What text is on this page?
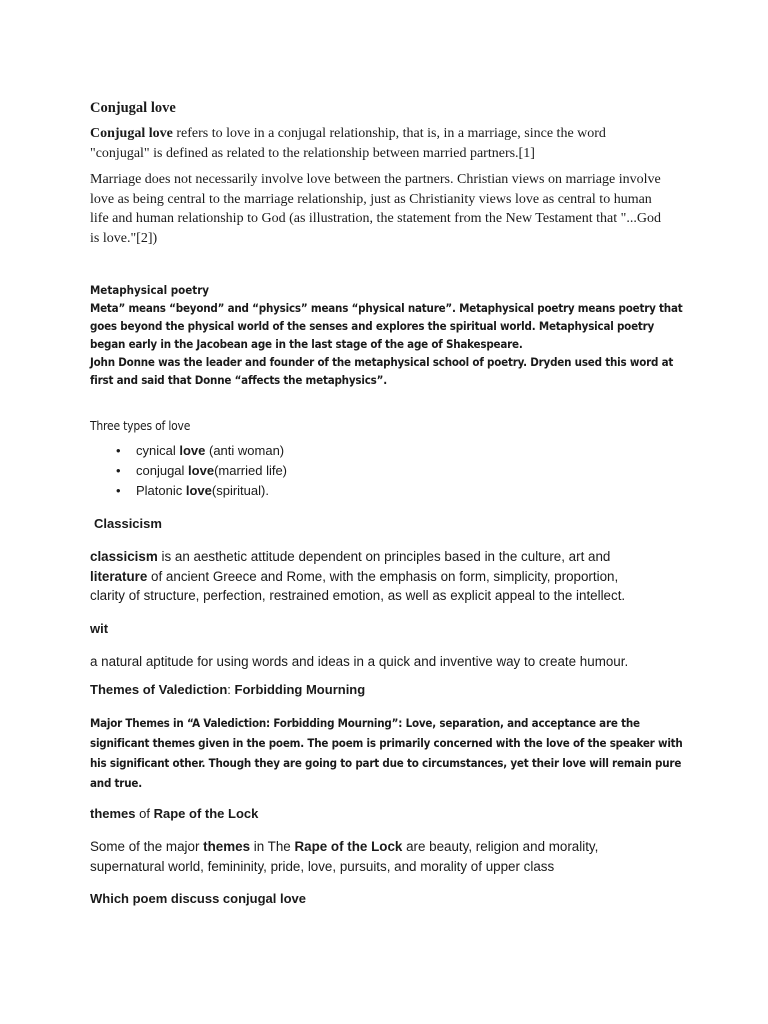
Conjugal love

Conjugal love refers to love in a conjugal relationship, that is, in a marriage, since the word "conjugal" is defined as related to the relationship between married partners.[1]

Marriage does not necessarily involve love between the partners. Christian views on marriage involve love as being central to the marriage relationship, just as Christianity views love as central to human life and human relationship to God (as illustration, the statement from the New Testament that "...God is love."[2])

Metaphysical poetry

Meta” means “beyond” and “physics” means “physical nature”. Metaphysical poetry means poetry that goes beyond the physical world of the senses and explores the spiritual world. Metaphysical poetry began early in the Jacobean age in the last stage of the age of Shakespeare.

John Donne was the leader and founder of the metaphysical school of poetry. Dryden used this word at first and said that Donne “affects the metaphysics”.

Three types of love

• cynical love (anti woman)
• conjugal love(married life)
• Platonic love(spiritual).

Classicism

classicism is an aesthetic attitude dependent on principles based in the culture, art and literature of ancient Greece and Rome, with the emphasis on form, simplicity, proportion, clarity of structure, perfection, restrained emotion, as well as explicit appeal to the intellect.

wit

a natural aptitude for using words and ideas in a quick and inventive way to create humour.

Themes of Valediction: Forbidding Mourning

Major Themes in “A Valediction: Forbidding Mourning”: Love, separation, and acceptance are the significant themes given in the poem. The poem is primarily concerned with the love of the speaker with his significant other. Though they are going to part due to circumstances, yet their love will remain pure and true.

themes of Rape of the Lock

Some of the major themes in The Rape of the Lock are beauty, religion and morality, supernatural world, femininity, pride, love, pursuits, and morality of upper class

Which poem discuss conjugal love
